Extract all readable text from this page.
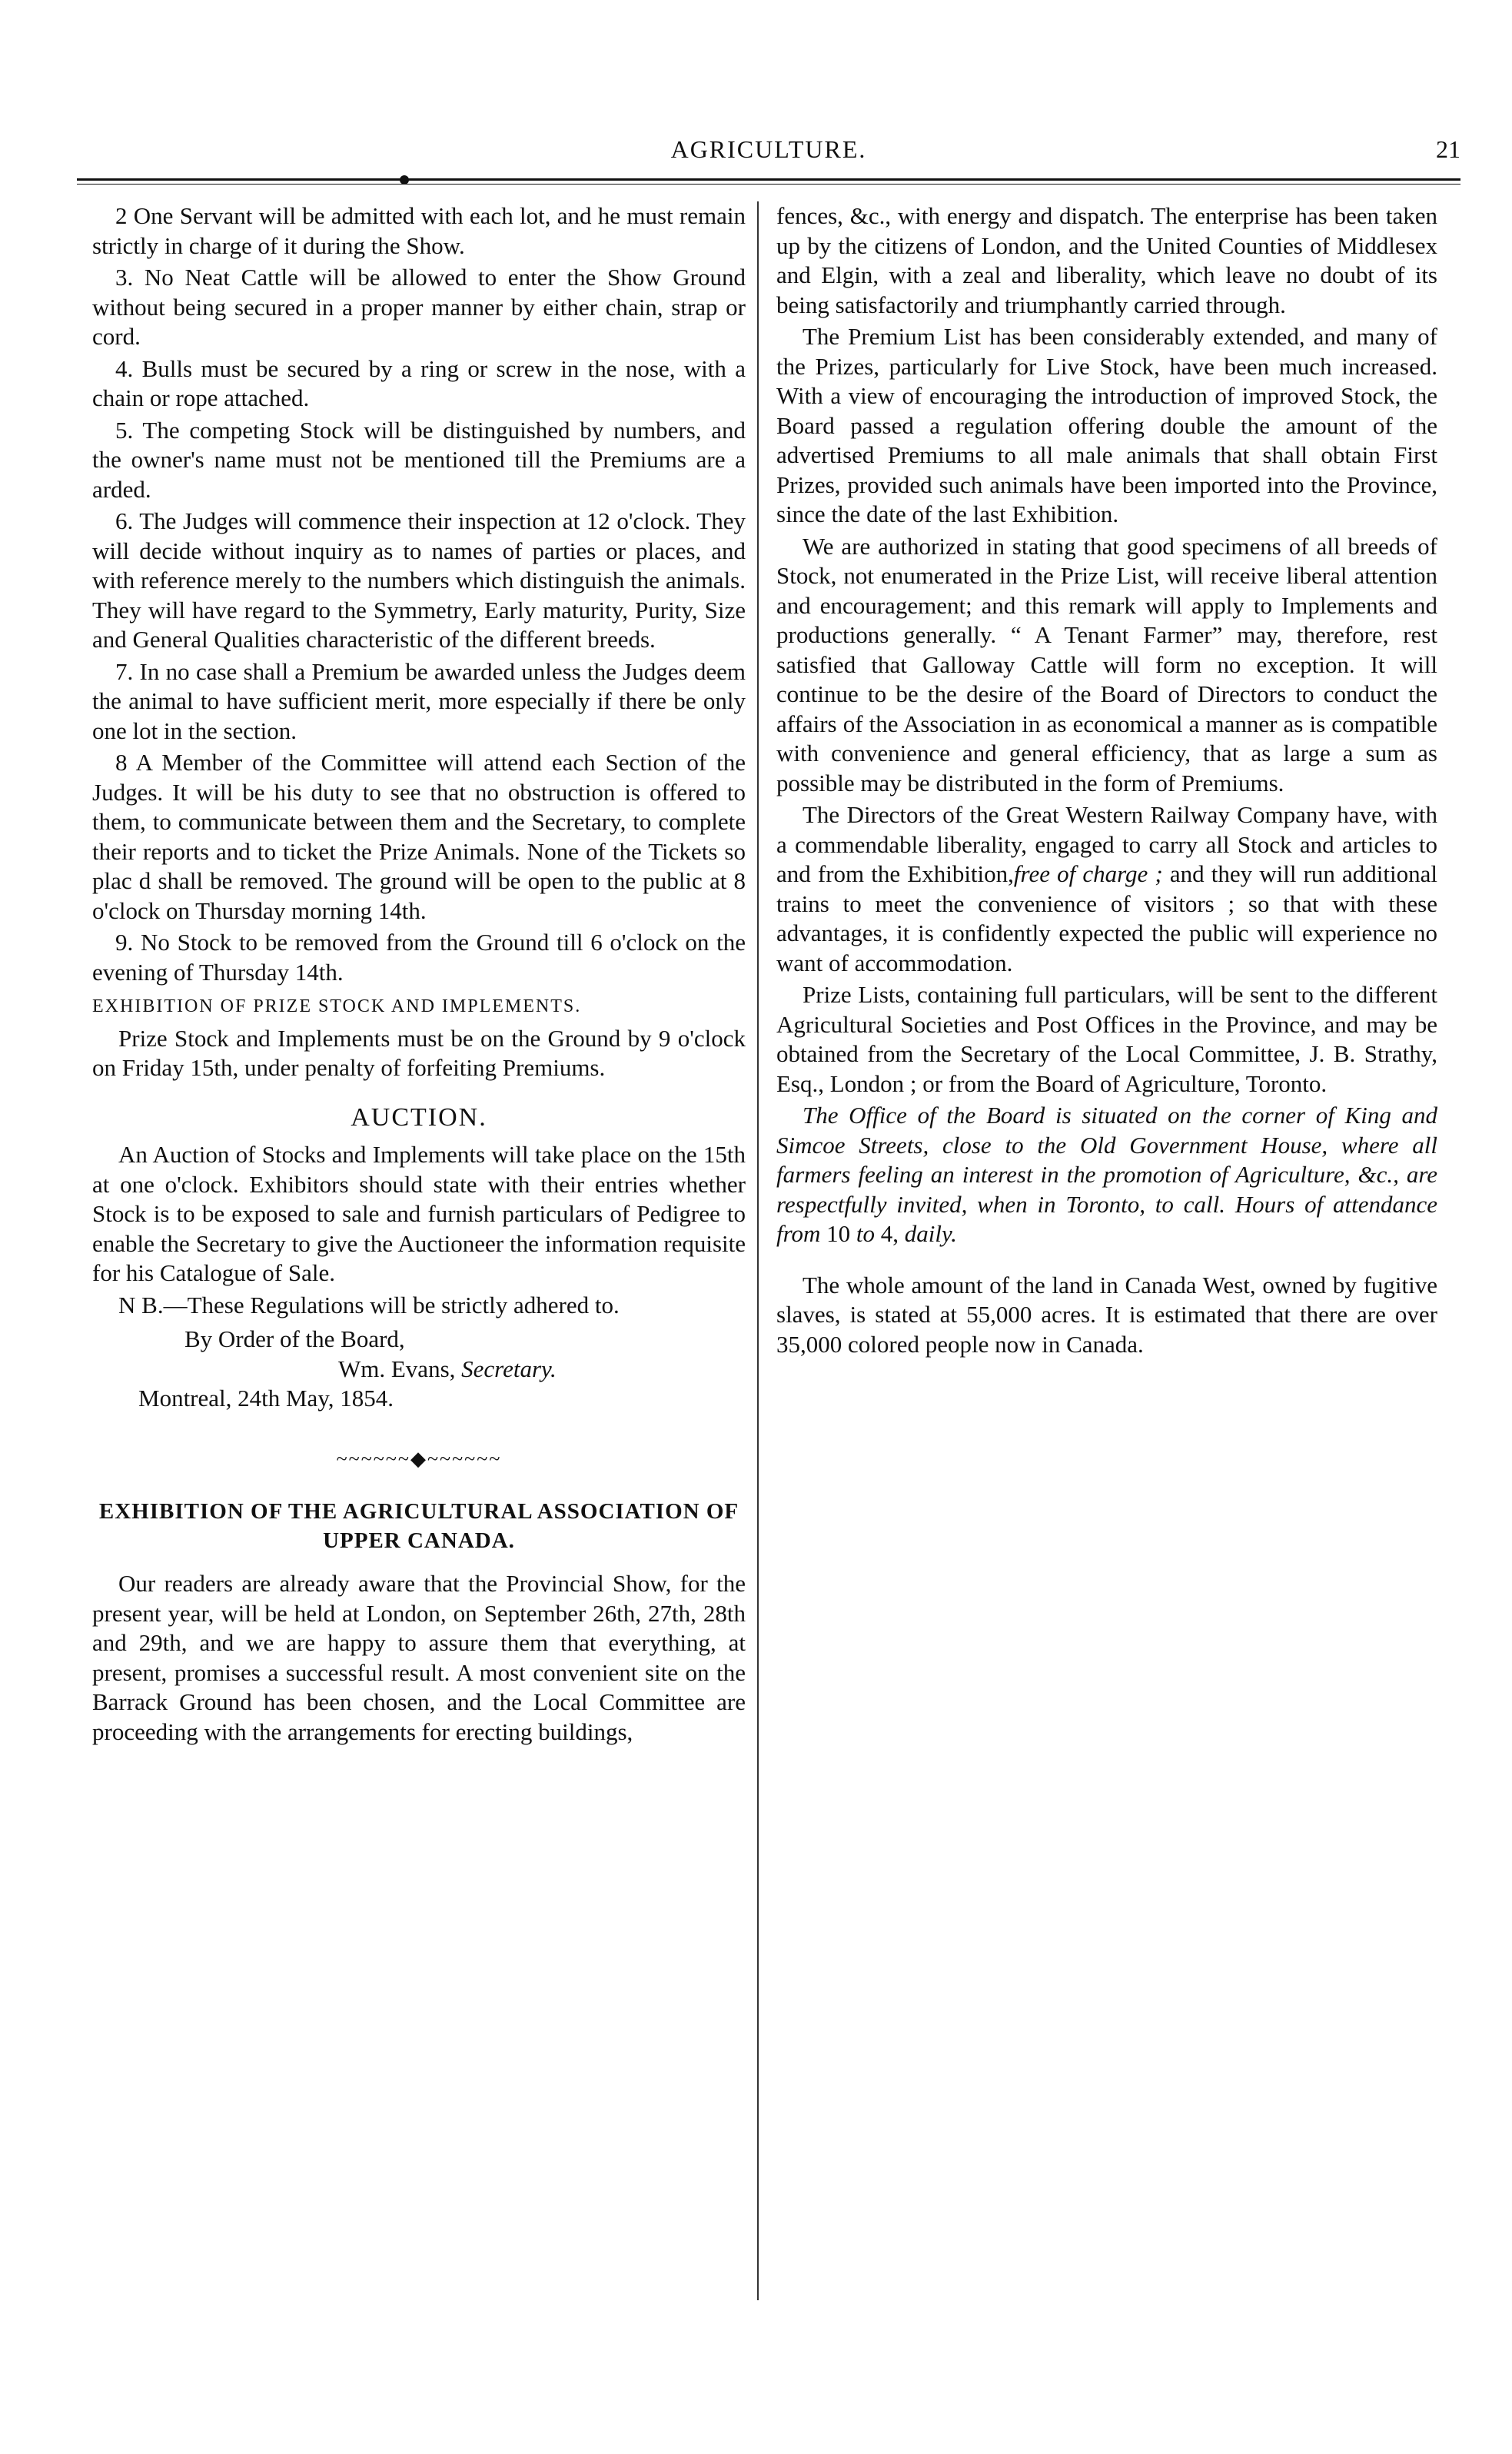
AGRICULTURE.	21

2 One Servant will be admitted with each lot, and he must remain strictly in charge of it during the Show.

3. No Neat Cattle will be allowed to enter the Show Ground without being secured in a proper manner by either chain, strap or cord.

4. Bulls must be secured by a ring or screw in the nose, with a chain or rope attached.

5. The competing Stock will be distinguished by numbers, and the owner's name must not be mentioned till the Premiums are a arded.

6. The Judges will commence their inspection at 12 o'clock. They will decide without inquiry as to names of parties or places, and with reference merely to the numbers which distinguish the animals. They will have regard to the Symmetry, Early maturity, Purity, Size and General Qualities characteristic of the different breeds.

7. In no case shall a Premium be awarded unless the Judges deem the animal to have sufficient merit, more especially if there be only one lot in the section.

8 A Member of the Committee will attend each Section of the Judges. It will be his duty to see that no obstruction is offered to them, to communicate between them and the Secretary, to complete their reports and to ticket the Prize Animals. None of the Tickets so plac d shall be removed. The ground will be open to the public at 8 o'clock on Thursday morning 14th.

9. No Stock to be removed from the Ground till 6 o'clock on the evening of Thursday 14th.

EXHIBITION OF PRIZE STOCK AND IMPLEMENTS.

Prize Stock and Implements must be on the Ground by 9 o'clock on Friday 15th, under penalty of forfeiting Premiums.

AUCTION.

An Auction of Stocks and Implements will take place on the 15th at one o'clock. Exhibitors should state with their entries whether Stock is to be exposed to sale and furnish particulars of Pedigree to enable the Secretary to give the Auctioneer the information requisite for his Catalogue of Sale.

N B.—These Regulations will be strictly adhered to.

By Order of the Board,
Wm. Evans, Secretary.
Montreal, 24th May, 1854.
~~~~~~◆~~~~~~
EXHIBITION OF THE AGRICULTURAL ASSOCIATION OF UPPER CANADA.

Our readers are already aware that the Provincial Show, for the present year, will be held at London, on September 26th, 27th, 28th and 29th, and we are happy to assure them that everything, at present, promises a successful result. A most convenient site on the Barrack Ground has been chosen, and the Local Committee are proceeding with the arrangements for erecting buildings,

fences, &c., with energy and dispatch. The enterprise has been taken up by the citizens of London, and the United Counties of Middlesex and Elgin, with a zeal and liberality, which leave no doubt of its being satisfactorily and triumphantly carried through.

The Premium List has been considerably extended, and many of the Prizes, particularly for Live Stock, have been much increased. With a view of encouraging the introduction of improved Stock, the Board passed a regulation offering double the amount of the advertised Premiums to all male animals that shall obtain First Prizes, provided such animals have been imported into the Province, since the date of the last Exhibition.

We are authorized in stating that good specimens of all breeds of Stock, not enumerated in the Prize List, will receive liberal attention and encouragement; and this remark will apply to Implements and productions generally. “ A Tenant Farmer” may, therefore, rest satisfied that Galloway Cattle will form no exception. It will continue to be the desire of the Board of Directors to conduct the affairs of the Association in as economical a manner as is compatible with convenience and general efficiency, that as large a sum as possible may be distributed in the form of Premiums.

The Directors of the Great Western Railway Company have, with a commendable liberality, engaged to carry all Stock and articles to and from the Exhibition,free of charge ; and they will run additional trains to meet the convenience of visitors ; so that with these advantages, it is confidently expected the public will experience no want of accommodation.

Prize Lists, containing full particulars, will be sent to the different Agricultural Societies and Post Offices in the Province, and may be obtained from the Secretary of the Local Committee, J. B. Strathy, Esq., London ; or from the Board of Agriculture, Toronto.

The Office of the Board is situated on the corner of King and Simcoe Streets, close to the Old Government House, where all farmers feeling an interest in the promotion of Agriculture, &c., are respectfully invited, when in Toronto, to call. Hours of attendance from 10 to 4, daily.

The whole amount of the land in Canada West, owned by fugitive slaves, is stated at 55,000 acres. It is estimated that there are over 35,000 colored people now in Canada.
